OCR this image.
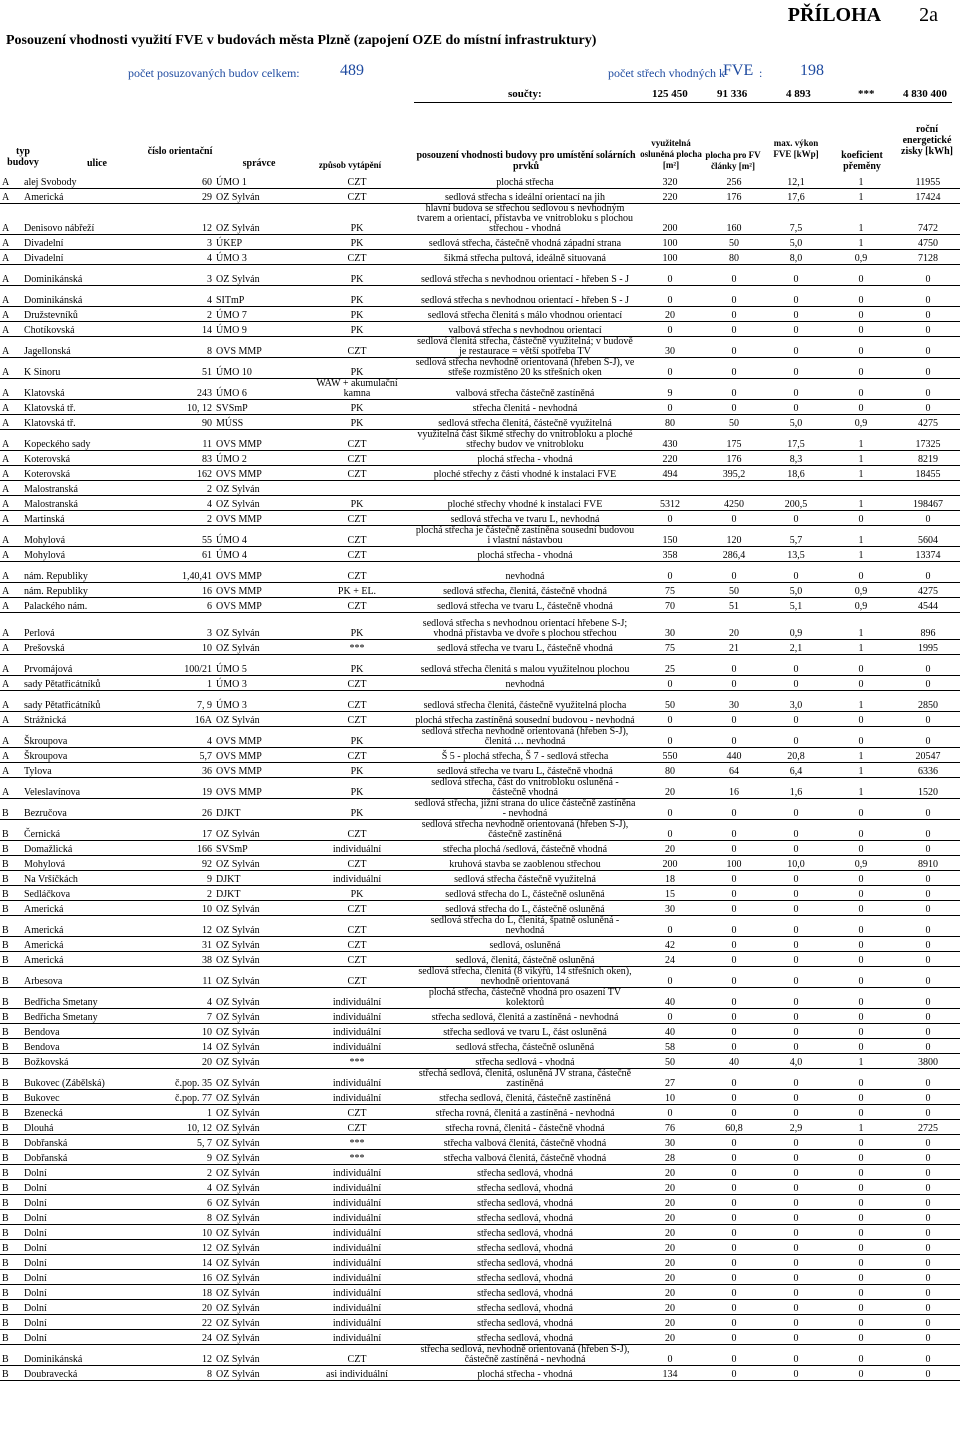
PŘÍLOHA 2a
Posouzení vhodnosti využití FVE v budovách města Plzně (zapojení OZE do místní infrastruktury)
počet posuzovaných budov celkem:	489	počet střech vhodných k
FVE : 198
součty:	125 450	91 336	4 893	***	4 830 400
typ budovy	ulice
číslo orientační
správce	způsob vytápění
posouzení vhodnosti budovy pro umístění solárních prvků
využitelná osluněná plocha [m²]
plocha pro FV články [m²]
max. výkon FVE [kWp]	koeficient přeměny
roční energetické zisky [kWh]
A	alej Svobody	60	ÚMO 1	CZT	plochá střecha	320	256	12,1	1	11955
A	Americká	29	OZ Sylván	CZT	sedlová střecha s ideální orientací na jih	220	176	17,6	1	17424
A	Denisovo nábřeží	12	OZ Sylván	PK	hlavní budova se střechou sedlovou s nevhodným tvarem a orientací, přístavba ve vnitrobloku s plochou střechou - vhodná	200	160	7,5	1	7472
A	Divadelní	3	ÚKEP	PK	sedlová střecha, částečně vhodná západní strana	100	50	5,0	1	4750
A	Divadelní	4	ÚMO 3	CZT	šikmá střecha pultová, ideálně situovaná	100	80	8,0	0,9	7128

A	Dominikánská	3	OZ Sylván	PK	sedlová střecha s nevhodnou orientací - hřeben S - J	0	0	0	0	0

A	Dominikánská	4	SITmP	PK	sedlová střecha s nevhodnou orientací - hřeben S - J	0	0	0	0	0
A	Družstevníků	2	ÚMO 7	PK	sedlová střecha členitá s málo vhodnou orientací	20	0	0	0	0
A	Chotíkovská	14	ÚMO 9	PK	valbová střecha s nevhodnou orientací	0	0	0	0	0
A	Jagellonská	8	OVS MMP	CZT	sedlová členitá střecha, částečně využitelná; v budově je restaurace = větší spotřeba TV	30	0	0	0	0
A	K Sinoru	51	ÚMO 10	PK	sedlová střecha nevhodně orientovaná (hřeben S-J), ve střeše rozmístěno 20 ks střešních oken	0	0	0	0	0
A	Klatovská	243	ÚMO 6	WAW + akumulační kamna	valbová střecha částečně zastíněná	9	0	0	0	0
A	Klatovská tř.	10, 12	SVSmP	PK	střecha členitá - nevhodná	0	0	0	0	0
A	Klatovská tř.	90	MÚSS	PK	sedlová střecha členitá, částečně využitelná	80	50	5,0	0,9	4275
A	Kopeckého sady	11	OVS MMP	CZT	využitelná část šikmé střechy do vnitrobloku a ploché střechy budov ve vnitrobloku	430	175	17,5	1	17325
A	Koterovská	83	ÚMO 2	CZT	plochá střecha - vhodná	220	176	8,3	1	8219
A	Koterovská	162	OVS MMP	CZT	ploché střechy z části vhodné k instalaci FVE	494	395,2	18,6	1	18455
A	Malostranská	2	OZ Sylván							
A	Malostranská	4	OZ Sylván	PK	ploché střechy vhodné k instalaci FVE	5312	4250	200,5	1	198467
A	Martinská	2	OVS MMP	CZT	sedlová střecha ve tvaru L, nevhodná	0	0	0	0	0
A	Mohylová	55	ÚMO 4	CZT	plochá střecha je částečně zastíněna sousední budovou i vlastní nástavbou	150	120	5,7	1	5604
A	Mohylová	61	ÚMO 4	CZT	plochá střecha - vhodná	358	286,4	13,5	1	13374

A	nám. Republiky	1,40,41	OVS MMP	CZT	nevhodná	0	0	0	0	0
A	nám. Republiky	16	OVS MMP	PK + EL.	sedlová střecha, členitá, částečně vhodná	75	50	5,0	0,9	4275
A	Palackého nám.	6	OVS MMP	CZT	sedlová střecha ve tvaru L, částečně vhodná	70	51	5,1	0,9	4544

A	Perlová	3	OZ Sylván	PK	sedlová střecha s nevhodnou orientací hřebene S-J; vhodná přístavba ve dvoře s plochou střechou	30	20	0,9	1	896
A	Prešovská	10	OZ Sylván	***	sedlová střecha ve tvaru L, částečně vhodná	75	21	2,1	1	1995

A	Prvomájová	100/21	ÚMO 5	PK	sedlová střecha členitá s malou využitelnou plochou	25	0	0	0	0
A	sady Pětatřicátníků	1	ÚMO 3	CZT	nevhodná	0	0	0	0	0

A	sady Pětatřicátníků	7, 9	ÚMO 3	CZT	sedlová střecha členitá, částečně využitelná plocha	50	30	3,0	1	2850
A	Strážnická	16A	OZ Sylván	CZT	plochá střecha zastíněná sousední budovou - nevhodná	0	0	0	0	0
A	Škroupova	4	OVS MMP	PK	sedlová střecha nevhodně orientovaná (hřeben S-J), členitá … nevhodná	0	0	0	0	0
A	Škroupova	5,7	OVS MMP	CZT	Š 5 - plochá střecha, Š 7 - sedlová střecha	550	440	20,8	1	20547
A	Tylova	36	OVS MMP	PK	sedlová střecha ve tvaru L, částečně vhodná	80	64	6,4	1	6336
A	Veleslavínova	19	OVS MMP	PK	sedlová střecha, část do vnitrobloku osluněná - částečně vhodná	20	16	1,6	1	1520
B	Bezručova	26	DJKT	PK	sedlová střecha, jižní strana do ulice částečně zastíněna - nevhodná	0	0	0	0	0
B	Černická	17	OZ Sylván	CZT	sedlová střecha nevhodně orientovaná (hřeben S-J), částečně zastíněná	0	0	0	0	0
B	Domažlická	166	SVSmP	individuální	střecha plochá /sedlová, částečně vhodná	20	0	0	0	0
B	Mohylová	92	OZ Sylván	CZT	kruhová stavba se zaoblenou střechou	200	100	10,0	0,9	8910
B	Na Vršíčkách	9	DJKT	individuální	sedlová střecha částečně využitelná	18	0	0	0	0
B	Sedláčkova	2	DJKT	PK	sedlová střecha do L, částečně osluněná	15	0	0	0	0
B	Americká	10	OZ Sylván	CZT	sedlová střecha do L, částečně osluněná	30	0	0	0	0
B	Americká	12	OZ Sylván	CZT	sedlová střecha do L, členitá, špatně osluněná - nevhodná	0	0	0	0	0
B	Americká	31	OZ Sylván	CZT	sedlová, osluněná	42	0	0	0	0
B	Americká	38	OZ Sylván	CZT	sedlová, členitá, částečně osluněná	24	0	0	0	0
B	Arbesova	11	OZ Sylván	CZT	sedlová střecha, členitá (8 vikýřů, 14 střešních oken), nevhodně orientovaná	0	0	0	0	0
B	Bedřicha Smetany	4	OZ Sylván	individuální	plochá střecha, částečně vhodná pro osazení TV kolektorů	40	0	0	0	0
B	Bedřicha Smetany	7	OZ Sylván	individuální	střecha sedlová, členitá a zastíněná - nevhodná	0	0	0	0	0
B	Bendova	10	OZ Sylván	individuální	střecha sedlová ve tvaru L, část osluněná	40	0	0	0	0
B	Bendova	14	OZ Sylván	individuální	sedlová střecha, částečně osluněná	58	0	0	0	0
B	Božkovská	20	OZ Sylván	***	střecha sedlová - vhodná	50	40	4,0	1	3800
B	Bukovec (Zábělská)	č.pop. 35	OZ Sylván	individuální	střechá sedlová, členitá, osluněná JV strana, částečně zastíněná	27	0	0	0	0
B	Bukovec	č.pop. 77	OZ Sylván	individuální	střecha sedlová, členitá, částečně zastíněná	10	0	0	0	0
B	Bzenecká	1	OZ Sylván	CZT	střecha rovná, členitá a zastíněná - nevhodná	0	0	0	0	0
B	Dlouhá	10, 12	OZ Sylván	CZT	střecha rovná, členitá - částečně vhodná	76	60,8	2,9	1	2725
B	Dobřanská	5, 7	OZ Sylván	***	střecha valbová členitá, částečně vhodná	30	0	0	0	0
B	Dobřanská	9	OZ Sylván	***	střecha valbová členitá, částečně vhodná	28	0	0	0	0
B	Dolní	2	OZ Sylván	individuální	střecha sedlová, vhodná	20	0	0	0	0
B	Dolní	4	OZ Sylván	individuální	střecha sedlová, vhodná	20	0	0	0	0
B	Dolní	6	OZ Sylván	individuální	střecha sedlová, vhodná	20	0	0	0	0
B	Dolní	8	OZ Sylván	individuální	střecha sedlová, vhodná	20	0	0	0	0
B	Dolní	10	OZ Sylván	individuální	střecha sedlová, vhodná	20	0	0	0	0
B	Dolní	12	OZ Sylván	individuální	střecha sedlová, vhodná	20	0	0	0	0
B	Dolní	14	OZ Sylván	individuální	střecha sedlová, vhodná	20	0	0	0	0
B	Dolní	16	OZ Sylván	individuální	střecha sedlová, vhodná	20	0	0	0	0
B	Dolní	18	OZ Sylván	individuální	střecha sedlová, vhodná	20	0	0	0	0
B	Dolní	20	OZ Sylván	individuální	střecha sedlová, vhodná	20	0	0	0	0
B	Dolní	22	OZ Sylván	individuální	střecha sedlová, vhodná	20	0	0	0	0
B	Dolní	24	OZ Sylván	individuální	střecha sedlová, vhodná	20	0	0	0	0
B	Dominikánská	12	OZ Sylván	CZT	střecha sedlová, nevhodně orientovaná (hřeben S-J), částečně zastíněná - nevhodná	0	0	0	0	0
B	Doubravecká	8	OZ Sylván	asi individuální	plochá střecha - vhodná	134	0	0	0	0
